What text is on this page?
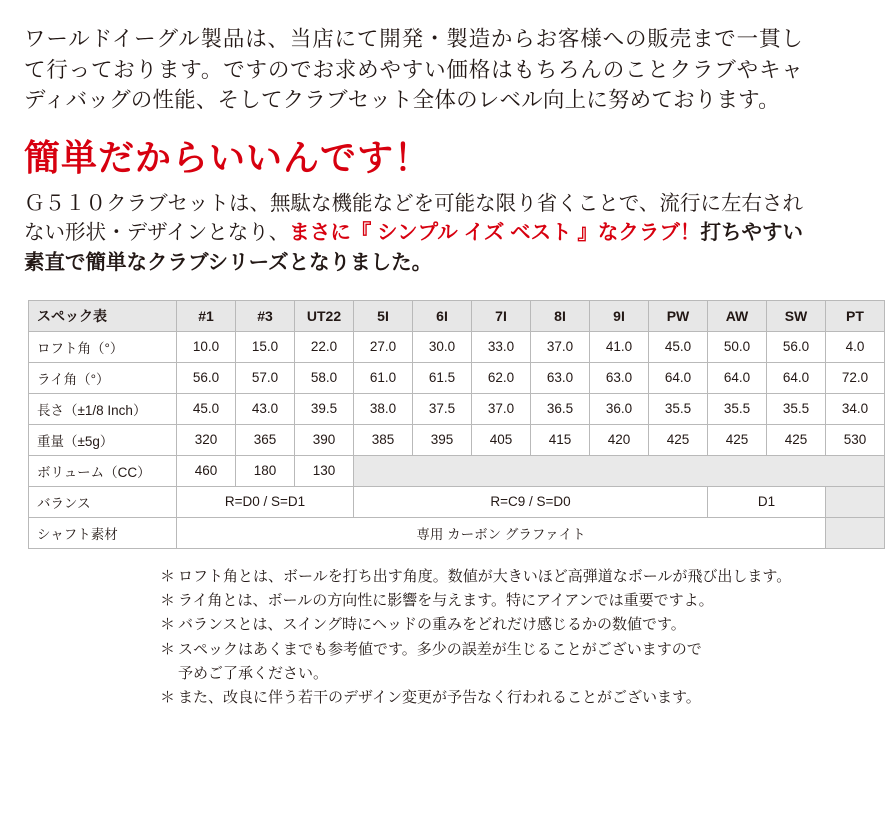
ワールドイーグル製品は、当店にて開発・製造からお客様への販売まで一貫して行っております。ですのでお求めやすい価格はもちろんのことクラブやキャディバッグの性能、そしてクラブセット全体のレベル向上に努めております。

簡単だからいいんです！

Ｇ５１０クラブセットは、無駄な機能などを可能な限り省くことで、流行に左右されない形状・デザインとなり、まさに『 シンプル イズ ベスト 』なクラブ！打ちやすい素直で簡単なクラブシリーズとなりました。

スペック表	#1	#3	UT22	5I	6I	7I	8I	9I	PW	AW	SW	PT
ロフト角（°）	10.0	15.0	22.0	27.0	30.0	33.0	37.0	41.0	45.0	50.0	56.0	4.0
ライ角（°）	56.0	57.0	58.0	61.0	61.5	62.0	63.0	63.0	64.0	64.0	64.0	72.0
長さ（±1/8 Inch）	45.0	43.0	39.5	38.0	37.5	37.0	36.5	36.0	35.5	35.5	35.5	34.0
重量（±5g）	320	365	390	385	395	405	415	420	425	425	425	530
ボリューム（CC）	460	180	130									
バランス	R=D0 / S=D1			R=C9 / S=D0						D1		
シャフト素材	専用 カーボン グラファイト											
＊ ロフト角とは、ボールを打ち出す角度。数値が大きいほど高弾道なボールが飛び出します。
＊ ライ角とは、ボールの方向性に影響を与えます。特にアイアンでは重要ですよ。
＊ バランスとは、スイング時にヘッドの重みをどれだけ感じるかの数値です。
＊ スペックはあくまでも参考値です。多少の誤差が生じることがございますので
予めご了承ください。
＊ また、改良に伴う若干のデザイン変更が予告なく行われることがございます。
